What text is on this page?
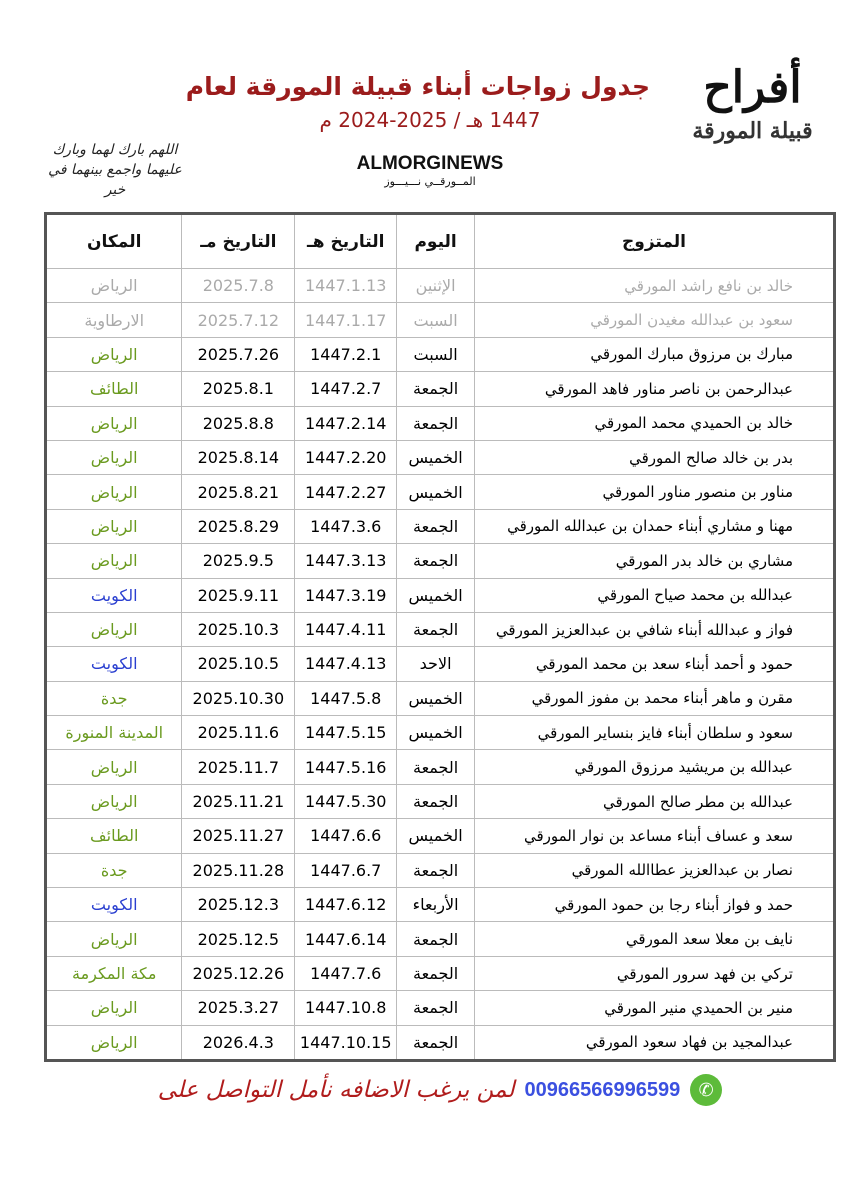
أفراح
قبيلة المورقة
جدول زواجات أبناء قبيلة المورقة لعام
1447 هـ / 2025-2024 م
اللهم بارك لهما وبارك عليهما واجمع بينهما في خير
ALMORGINEWS
المــورقــي نـــيـــوز
المتزوج	اليوم	التاريخ هـ	التاريخ مـ	المكان
خالد بن نافع راشد المورقي	الإثنين	1447.1.13	2025.7.8	الرياض
سعود بن عبدالله مغيدن المورقي	السبت	1447.1.17	2025.7.12	الارطاوية
مبارك بن مرزوق مبارك المورقي	السبت	1447.2.1	2025.7.26	الرياض
عبدالرحمن بن ناصر مناور فاهد المورقي	الجمعة	1447.2.7	2025.8.1	الطائف
خالد بن الحميدي محمد المورقي	الجمعة	1447.2.14	2025.8.8	الرياض
بدر بن خالد صالح المورقي	الخميس	1447.2.20	2025.8.14	الرياض
مناور بن منصور مناور المورقي	الخميس	1447.2.27	2025.8.21	الرياض
مهنا و مشاري أبناء حمدان بن عبدالله المورقي	الجمعة	1447.3.6	2025.8.29	الرياض
مشاري بن خالد بدر المورقي	الجمعة	1447.3.13	2025.9.5	الرياض
عبدالله بن محمد صياح المورقي	الخميس	1447.3.19	2025.9.11	الكويت
فواز و عبدالله أبناء شافي بن عبدالعزيز المورقي	الجمعة	1447.4.11	2025.10.3	الرياض
حمود و أحمد أبناء سعد بن محمد المورقي	الاحد	1447.4.13	2025.10.5	الكويت
مقرن و ماهر أبناء محمد بن مفوز المورقي	الخميس	1447.5.8	2025.10.30	جدة
سعود و سلطان أبناء فايز بنساير المورقي	الخميس	1447.5.15	2025.11.6	المدينة المنورة
عبدالله بن مريشيد مرزوق المورقي	الجمعة	1447.5.16	2025.11.7	الرياض
عبدالله بن مطر صالح المورقي	الجمعة	1447.5.30	2025.11.21	الرياض
سعد و عساف أبناء مساعد بن نوار المورقي	الخميس	1447.6.6	2025.11.27	الطائف
نصار بن عبدالعزيز عطاالله المورقي	الجمعة	1447.6.7	2025.11.28	جدة
حمد و فواز أبناء رجا بن حمود المورقي	الأربعاء	1447.6.12	2025.12.3	الكويت
نايف بن معلا سعد المورقي	الجمعة	1447.6.14	2025.12.5	الرياض
تركي بن فهد سرور المورقي	الجمعة	1447.7.6	2025.12.26	مكة المكرمة
منير بن الحميدي منير المورقي	الجمعة	1447.10.8	2025.3.27	الرياض
عبدالمجيد بن فهاد سعود المورقي	الجمعة	1447.10.15	2026.4.3	الرياض
لمن يرغب الاضافه نأمل التواصل على 00966566996599	✆
